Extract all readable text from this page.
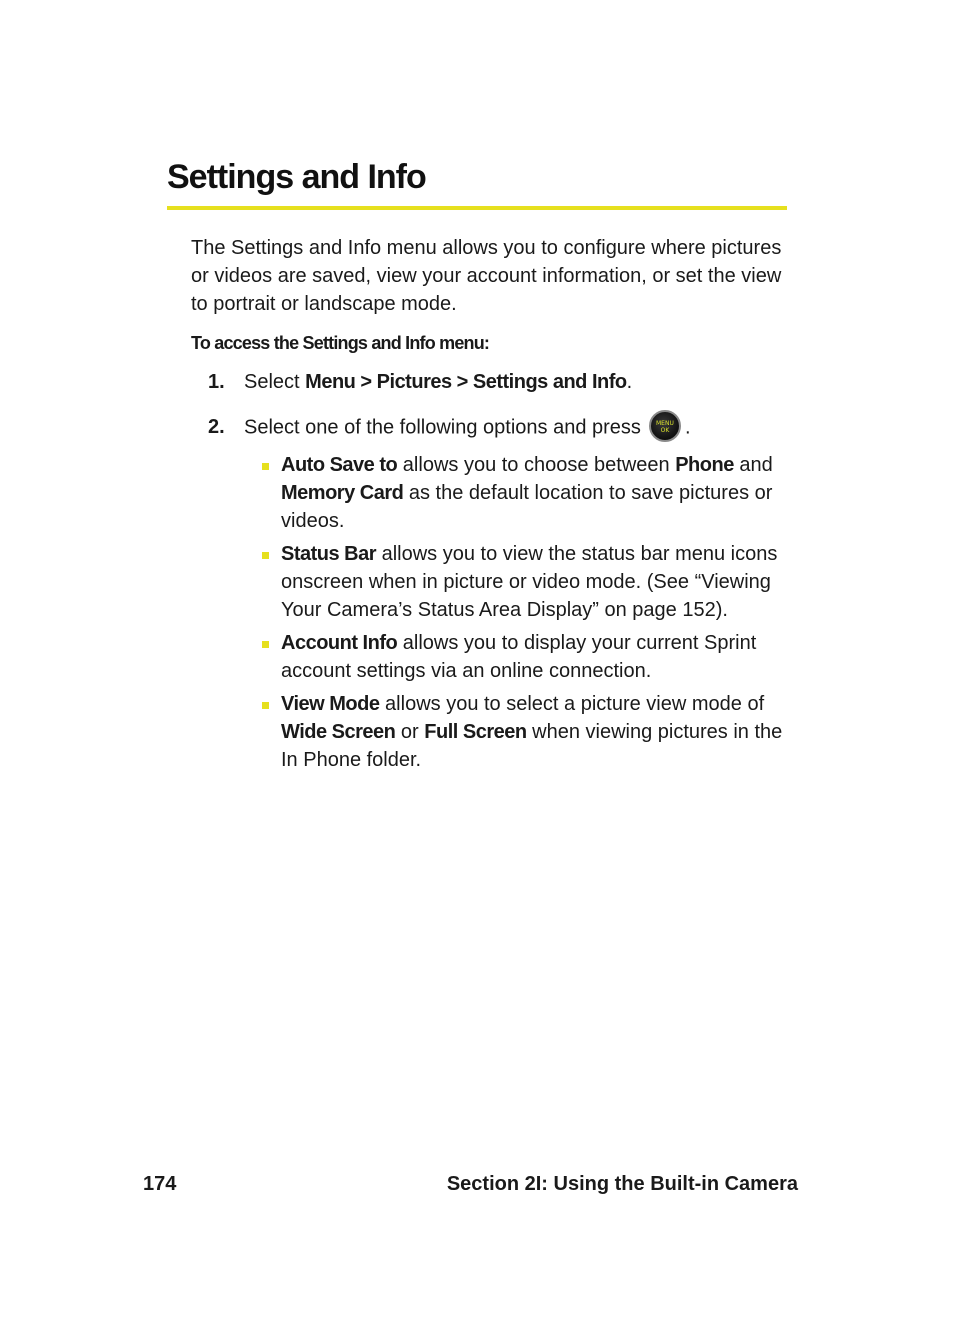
Settings and Info

The Settings and Info menu allows you to configure where pictures or videos are saved, view your account information, or set the view to portrait or landscape mode.

To access the Settings and Info menu:

1. Select Menu > Pictures > Settings and Info.
2. Select one of the following options and press	MENU
OK .
Auto Save to allows you to choose between Phone and Memory Card as the default location to save pictures or videos.
Status Bar allows you to view the status bar menu icons onscreen when in picture or video mode. (See “Viewing Your Camera’s Status Area Display” on page 152).
Account Info allows you to display your current Sprint account settings via an online connection.
View Mode allows you to select a picture view mode of Wide Screen or Full Screen when viewing pictures in the In Phone folder.
174	Section 2I: Using the Built-in Camera
